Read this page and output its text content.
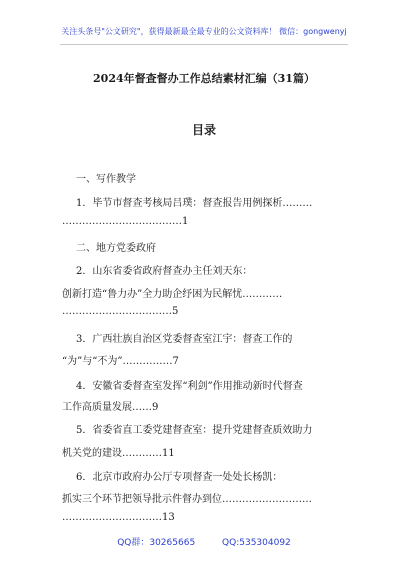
关注头条号"公文研究"，获得最新最全最专业的公文资料库！ 微信：gongwenyj
2024年督查督办工作总结素材汇编（31篇）
目录
一、写作教学
1．毕节市督查考核局吕璞：督查报告用例探析………
………………………………1
二、地方党委政府
2．山东省委省政府督查办主任刘天东：
创新打造“鲁力办”全力助企纾困为民解忧…………
……………………………5
3．广西壮族自治区党委督查室江宇：督查工作的
“为”与“不为”……………7
4．安徽省委督查室发挥“利剑”作用推动新时代督查
工作高质量发展……9
5．省委省直工委党建督查室：提升党建督查质效助力
机关党的建设…………11
6．北京市政府办公厅专项督查一处处长杨凯：
抓实三个环节把领导批示件督办到位………………………
…………………………13
QQ群：30265665	QQ:535304092
